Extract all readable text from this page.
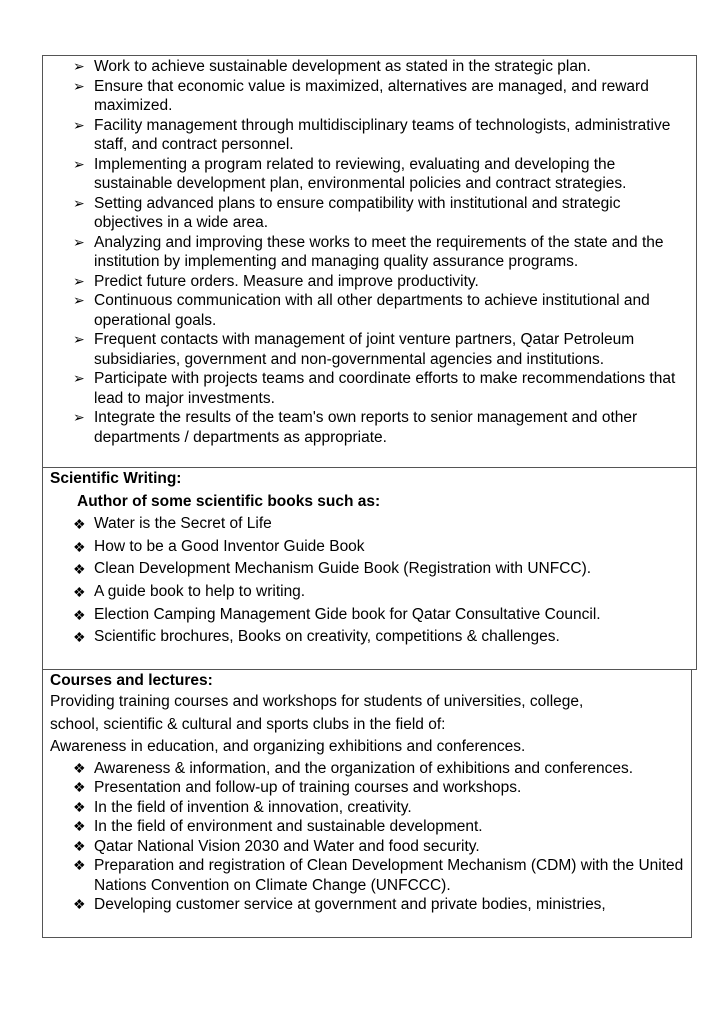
➢ Work to achieve sustainable development as stated in the strategic plan.
➢ Ensure that economic value is maximized, alternatives are managed, and reward maximized.
➢ Facility management through multidisciplinary teams of technologists, administrative staff, and contract personnel.
➢ Implementing a program related to reviewing, evaluating and developing the sustainable development plan, environmental policies and contract strategies.
➢ Setting advanced plans to ensure compatibility with institutional and strategic objectives in a wide area.
➢ Analyzing and improving these works to meet the requirements of the state and the institution by implementing and managing quality assurance programs.
➢ Predict future orders. Measure and improve productivity.
➢ Continuous communication with all other departments to achieve institutional and operational goals.
➢ Frequent contacts with management of joint venture partners, Qatar Petroleum subsidiaries, government and non-governmental agencies and institutions.
➢ Participate with projects teams and coordinate efforts to make recommendations that lead to major investments.
➢ Integrate the results of the team's own reports to senior management and other departments / departments as appropriate.
Scientific Writing:
Author of some scientific books such as:
❖ Water is the Secret of Life
❖ How to be a Good Inventor Guide Book
❖ Clean Development Mechanism Guide Book (Registration with UNFCC).
❖ A guide book to help to writing.
❖ Election Camping Management Gide book for Qatar Consultative Council.
❖ Scientific brochures, Books on creativity, competitions & challenges.
Courses and lectures:
Providing training courses and workshops for students of universities, college,
school, scientific & cultural and sports clubs in the field of:
Awareness in education, and organizing exhibitions and conferences.
❖ Awareness & information, and the organization of exhibitions and conferences.
❖ Presentation and follow-up of training courses and workshops.
❖ In the field of invention & innovation, creativity.
❖ In the field of environment and sustainable development.
❖ Qatar National Vision 2030 and Water and food security.
❖ Preparation and registration of Clean Development Mechanism (CDM) with the United Nations Convention on Climate Change (UNFCCC).
❖ Developing customer service at government and private bodies, ministries,
